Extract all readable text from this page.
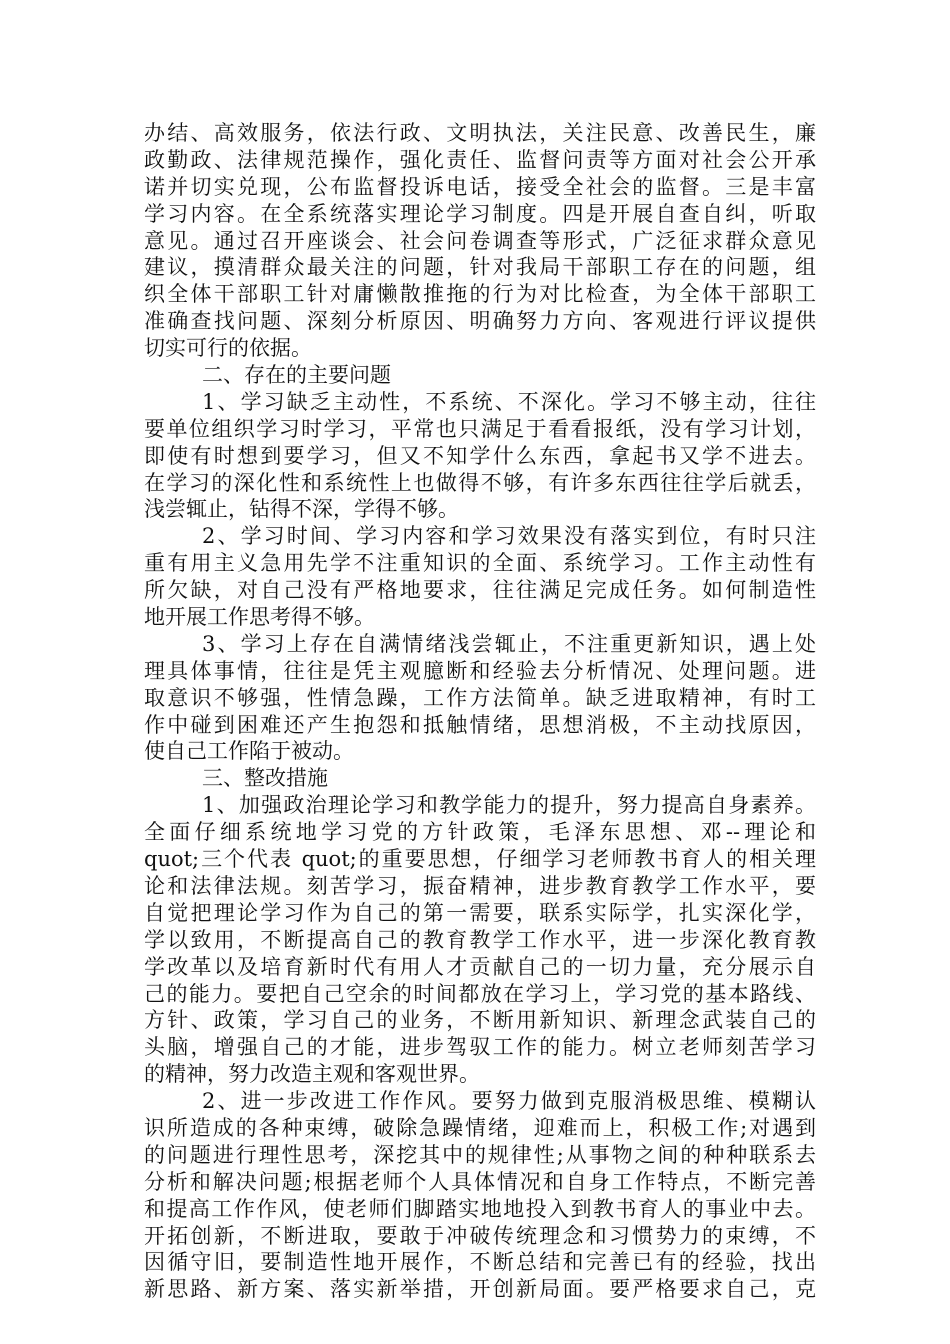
办结、高效服务，依法行政、文明执法，关注民意、改善民生，廉
政勤政、法律规范操作，强化责任、监督问责等方面对社会公开承
诺并切实兑现，公布监督投诉电话，接受全社会的监督。三是丰富
学习内容。在全系统落实理论学习制度。四是开展自查自纠，听取
意见。通过召开座谈会、社会问卷调查等形式，广泛征求群众意见
建议，摸清群众最关注的问题，针对我局干部职工存在的问题，组
织全体干部职工针对庸懒散推拖的行为对比检查，为全体干部职工
准确查找问题、深刻分析原因、明确努力方向、客观进行评议提供
切实可行的依据。
二、存在的主要问题
1、学习缺乏主动性，不系统、不深化。学习不够主动，往往
要单位组织学习时学习，平常也只满足于看看报纸，没有学习计划，
即使有时想到要学习，但又不知学什么东西，拿起书又学不进去。
在学习的深化性和系统性上也做得不够，有许多东西往往学后就丢，
浅尝辄止，钻得不深，学得不够。
2、学习时间、学习内容和学习效果没有落实到位，有时只注
重有用主义急用先学不注重知识的全面、系统学习。工作主动性有
所欠缺，对自己没有严格地要求，往往满足完成任务。如何制造性
地开展工作思考得不够。
3、学习上存在自满情绪浅尝辄止，不注重更新知识，遇上处
理具体事情，往往是凭主观臆断和经验去分析情况、处理问题。进
取意识不够强，性情急躁，工作方法简单。缺乏进取精神，有时工
作中碰到困难还产生抱怨和抵触情绪，思想消极，不主动找原因，
使自己工作陷于被动。
三、整改措施
1、加强政治理论学习和教学能力的提升，努力提高自身素养。
全面仔细系统地学习党的方针政策，毛泽东思想、邓--理论和
quot;三个代表 quot;的重要思想，仔细学习老师教书育人的相关理
论和法律法规。刻苦学习，振奋精神，进步教育教学工作水平，要
自觉把理论学习作为自己的第一需要，联系实际学，扎实深化学，
学以致用，不断提高自己的教育教学工作水平，进一步深化教育教
学改革以及培育新时代有用人才贡献自己的一切力量，充分展示自
己的能力。要把自己空余的时间都放在学习上，学习党的基本路线、
方针、政策，学习自己的业务，不断用新知识、新理念武装自己的
头脑，增强自己的才能，进步驾驭工作的能力。树立老师刻苦学习
的精神，努力改造主观和客观世界。
2、进一步改进工作作风。要努力做到克服消极思维、模糊认
识所造成的各种束缚，破除急躁情绪，迎难而上，积极工作;对遇到
的问题进行理性思考，深挖其中的规律性;从事物之间的种种联系去
分析和解决问题;根据老师个人具体情况和自身工作特点，不断完善
和提高工作作风，使老师们脚踏实地地投入到教书育人的事业中去。
开拓创新，不断进取，要敢于冲破传统理念和习惯势力的束缚，不
因循守旧，要制造性地开展作，不断总结和完善已有的经验，找出
新思路、新方案、落实新举措，开创新局面。要严格要求自己，克
